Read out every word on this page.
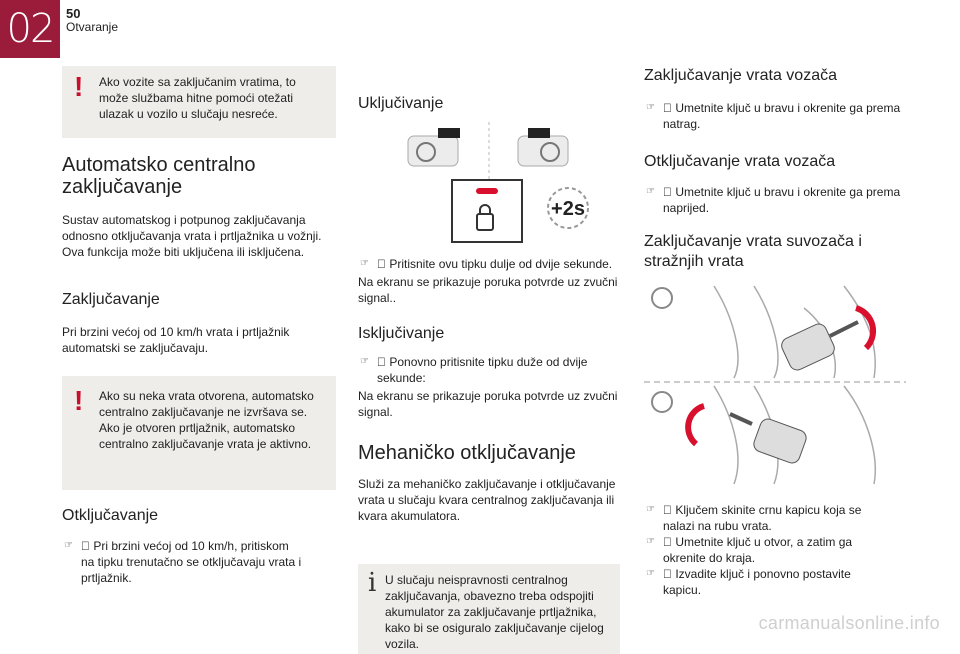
02 50
Otvaranje
! Ako vozite sa zaključanim vratima, to može službama hitne pomoći otežati ulazak u vozilo u slučaju nesreće.
Automatsko centralno zaključavanje

Sustav automatskog i potpunog zaključavanja odnosno otključavanja vrata i prtljažnika u vožnji.

Ova funkcija može biti uključena ili isključena.

Zaključavanje

Pri brzini većoj od 10 km/h vrata i prtljažnik automatski se zaključavaju.

! Ako su neka vrata otvorena, automatsko centralno zaključavanje ne izvršava se. Ako je otvoren prtljažnik, automatsko centralno zaključavanje vrata je aktivno.
Otključavanje

☞ Pri brzini većoj od 10 km/h, pritiskom na tipku trenutačno se otključavaju vrata i prtljažnik.
Uključivanje
+2s

☞ Pritisnite ovu tipku dulje od dvije sekunde.

Na ekranu se prikazuje poruka potvrde uz zvučni signal..

Isključivanje

☞ Ponovno pritisnite tipku duže od dvije sekunde:

Na ekranu se prikazuje poruka potvrde uz zvučni signal.

Mehaničko otključavanje

Služi za mehaničko zaključavanje i otključavanje vrata u slučaju kvara centralnog zaključavanja ili kvara akumulatora.

i U slučaju neispravnosti centralnog zaključavanja, obavezno treba odspojiti akumulator za zaključavanje prtljažnika, kako bi se osiguralo zaključavanje cijelog vozila.
Zaključavanje vrata vozača

☞ Umetnite ključ u bravu i okrenite ga prema natrag.
Otključavanje vrata vozača

☞ Umetnite ključ u bravu i okrenite ga prema naprijed.
Zaključavanje vrata suvozača i stražnjih vrata

☞ Ključem skinite crnu kapicu koja se nalazi na rubu vrata.

☞ Umetnite ključ u otvor, a zatim ga okrenite do kraja.

☞ Izvadite ključ i ponovno postavite kapicu.
carmanualsonline.info
